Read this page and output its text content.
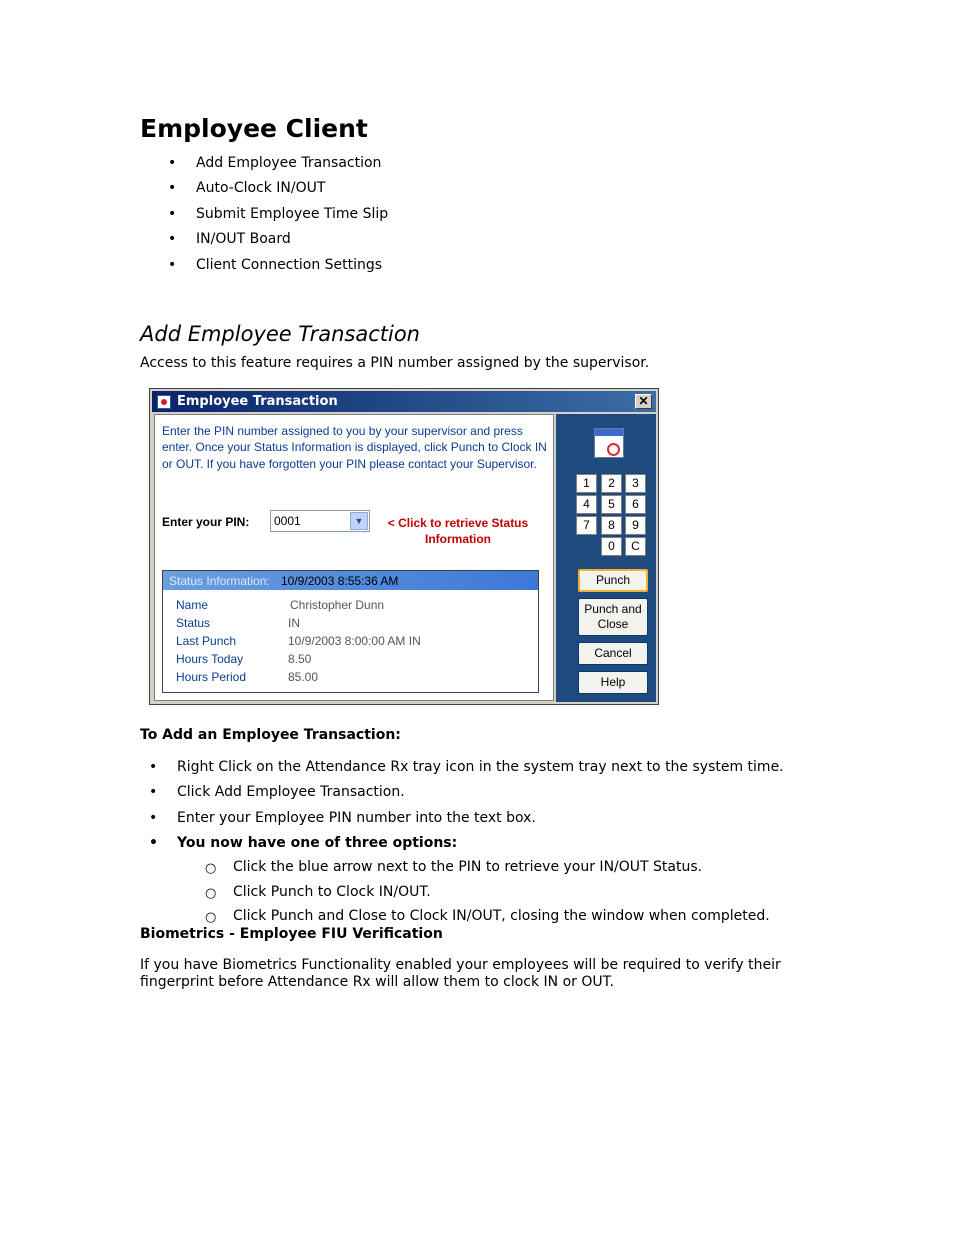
Employee Client
• Add Employee Transaction
• Auto-Clock IN/OUT
• Submit Employee Time Slip
• IN/OUT Board
• Client Connection Settings
Add Employee Transaction
Access to this feature requires a PIN number assigned by the supervisor.
Employee Transaction	✕
Enter the PIN number assigned to you by your supervisor and press enter. Once your Status Information is displayed, click Punch to Clock IN or OUT. If you have forgotten your PIN please contact your Supervisor.
Enter your PIN: 0001	▼	< Click to retrieve Status
Information
Status Information: 10/9/2003 8:55:36 AM
Name	Christopher Dunn
Status	IN
Last Punch	10/9/2003 8:00:00 AM IN
Hours Today	8.50
Hours Period	85.00
1	2	3
4	5	6
7	8	9
0	C
Punch
Punch and
Close
Cancel
Help
To Add an Employee Transaction:
• Right Click on the Attendance Rx tray icon in the system tray next to the system time.
• Click Add Employee Transaction.
• Enter your Employee PIN number into the text box.
• You now have one of three options:
○ Click the blue arrow next to the PIN to retrieve your IN/OUT Status.
○ Click Punch to Clock IN/OUT.
○ Click Punch and Close to Clock IN/OUT, closing the window when completed.
Biometrics - Employee FIU Verification
If you have Biometrics Functionality enabled your employees will be required to verify their
fingerprint before Attendance Rx will allow them to clock IN or OUT.
